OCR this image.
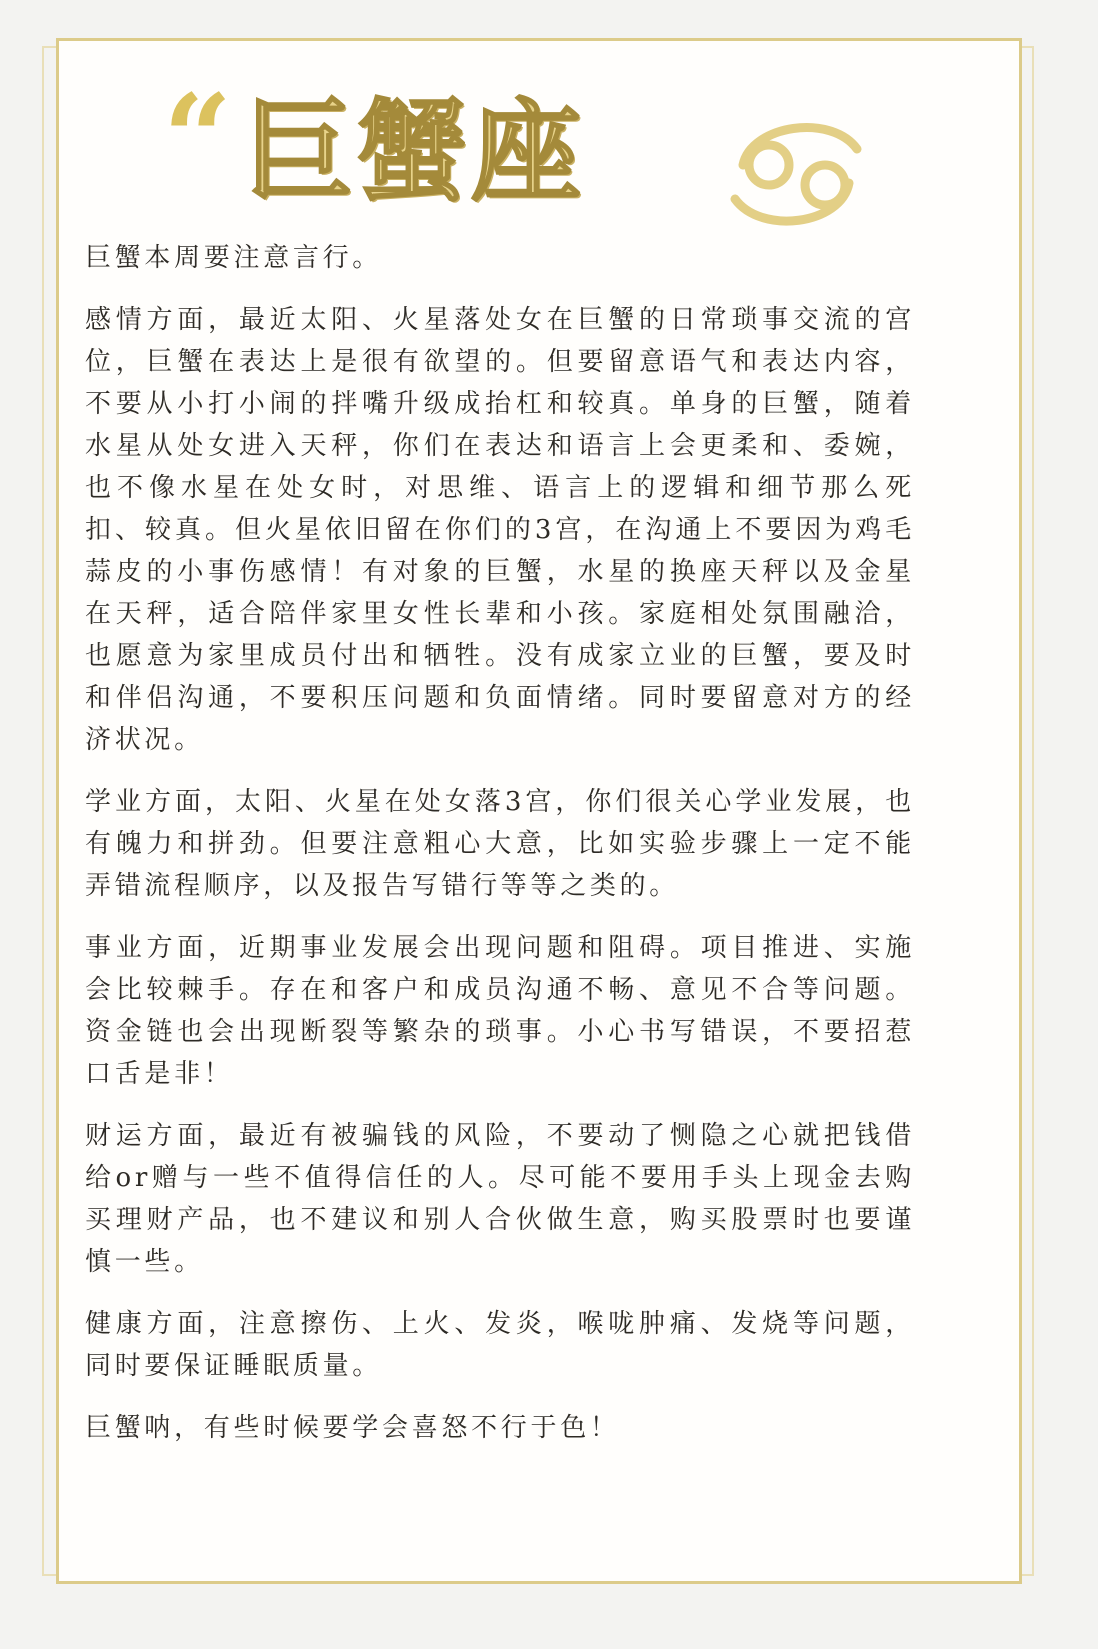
“ 巨蟹座

巨蟹本周要注意言行。

感情方面，最近太阳、火星落处女在巨蟹的日常琐事交流的宫位，巨蟹在表达上是很有欲望的。但要留意语气和表达内容，不要从小打小闹的拌嘴升级成抬杠和较真。单身的巨蟹，随着水星从处女进入天秤，你们在表达和语言上会更柔和、委婉，也不像水星在处女时，对思维、语言上的逻辑和细节那么死扣、较真。但火星依旧留在你们的3宫，在沟通上不要因为鸡毛蒜皮的小事伤感情！有对象的巨蟹，水星的换座天秤以及金星在天秤，适合陪伴家里女性长辈和小孩。家庭相处氛围融洽，也愿意为家里成员付出和牺牲。没有成家立业的巨蟹，要及时和伴侣沟通，不要积压问题和负面情绪。同时要留意对方的经济状况。

学业方面，太阳、火星在处女落3宫，你们很关心学业发展，也有魄力和拼劲。但要注意粗心大意，比如实验步骤上一定不能弄错流程顺序，以及报告写错行等等之类的。

事业方面，近期事业发展会出现问题和阻碍。项目推进、实施会比较棘手。存在和客户和成员沟通不畅、意见不合等问题。资金链也会出现断裂等繁杂的琐事。小心书写错误，不要招惹口舌是非！

财运方面，最近有被骗钱的风险，不要动了恻隐之心就把钱借给or赠与一些不值得信任的人。尽可能不要用手头上现金去购买理财产品，也不建议和别人合伙做生意，购买股票时也要谨慎一些。

健康方面，注意擦伤、上火、发炎，喉咙肿痛、发烧等问题，同时要保证睡眠质量。

巨蟹呐，有些时候要学会喜怒不行于色！
